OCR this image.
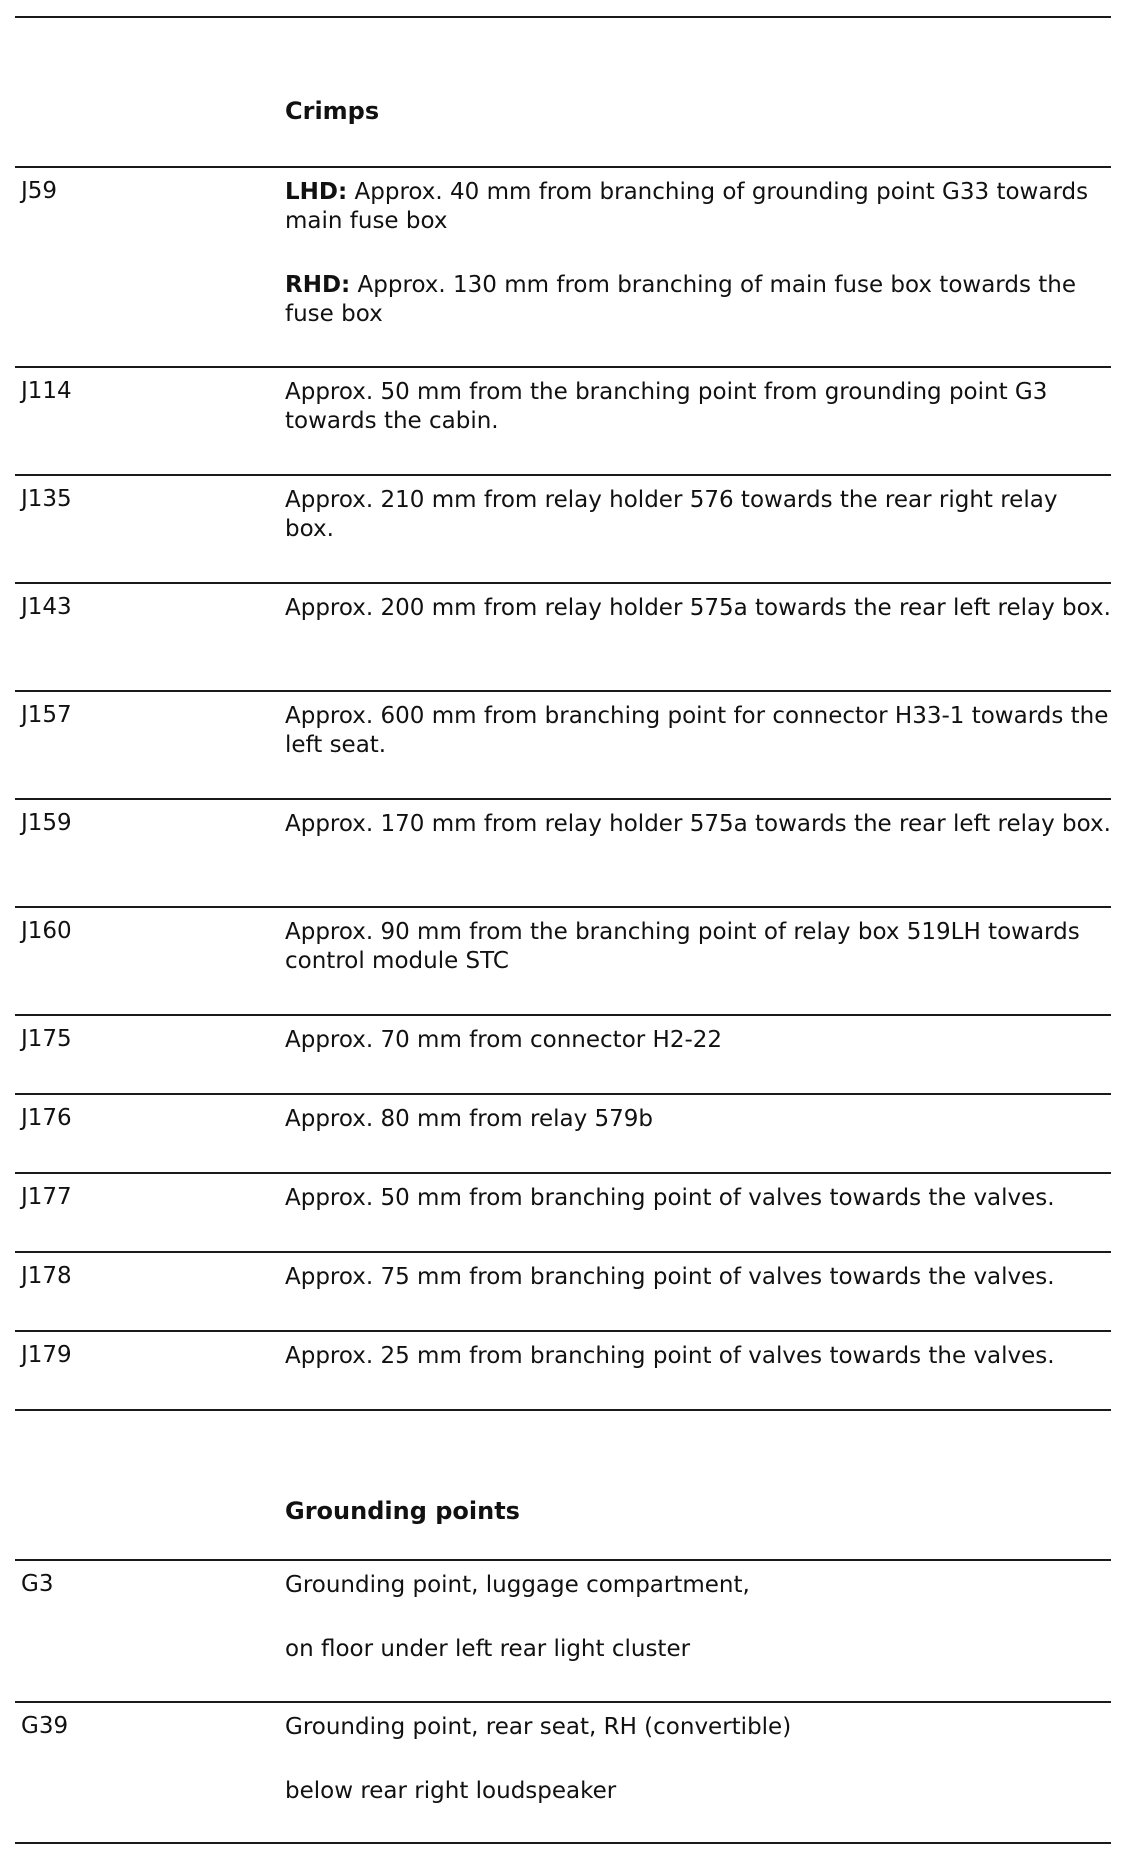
Crimps
J59	LHD: Approx. 40 mm from branching of grounding point G33 towards main fuse box

RHD: Approx. 130 mm from branching of main fuse box towards the fuse box

J114	Approx. 50 mm from the branching point from grounding point G3 towards the cabin.

J135	Approx. 210 mm from relay holder 576 towards the rear right relay box.

J143	Approx. 200 mm from relay holder 575a towards the rear left relay box.

J157	Approx. 600 mm from branching point for connector H33-1 towards the left seat.

J159	Approx. 170 mm from relay holder 575a towards the rear left relay box.

J160	Approx. 90 mm from the branching point of relay box 519LH towards control module STC

J175	Approx. 70 mm from connector H2-22

J176	Approx. 80 mm from relay 579b

J177	Approx. 50 mm from branching point of valves towards the valves.

J178	Approx. 75 mm from branching point of valves towards the valves.

J179	Approx. 25 mm from branching point of valves towards the valves.

Grounding points
G3	Grounding point, luggage compartment,

on floor under left rear light cluster

G39	Grounding point, rear seat, RH (convertible)

below rear right loudspeaker
